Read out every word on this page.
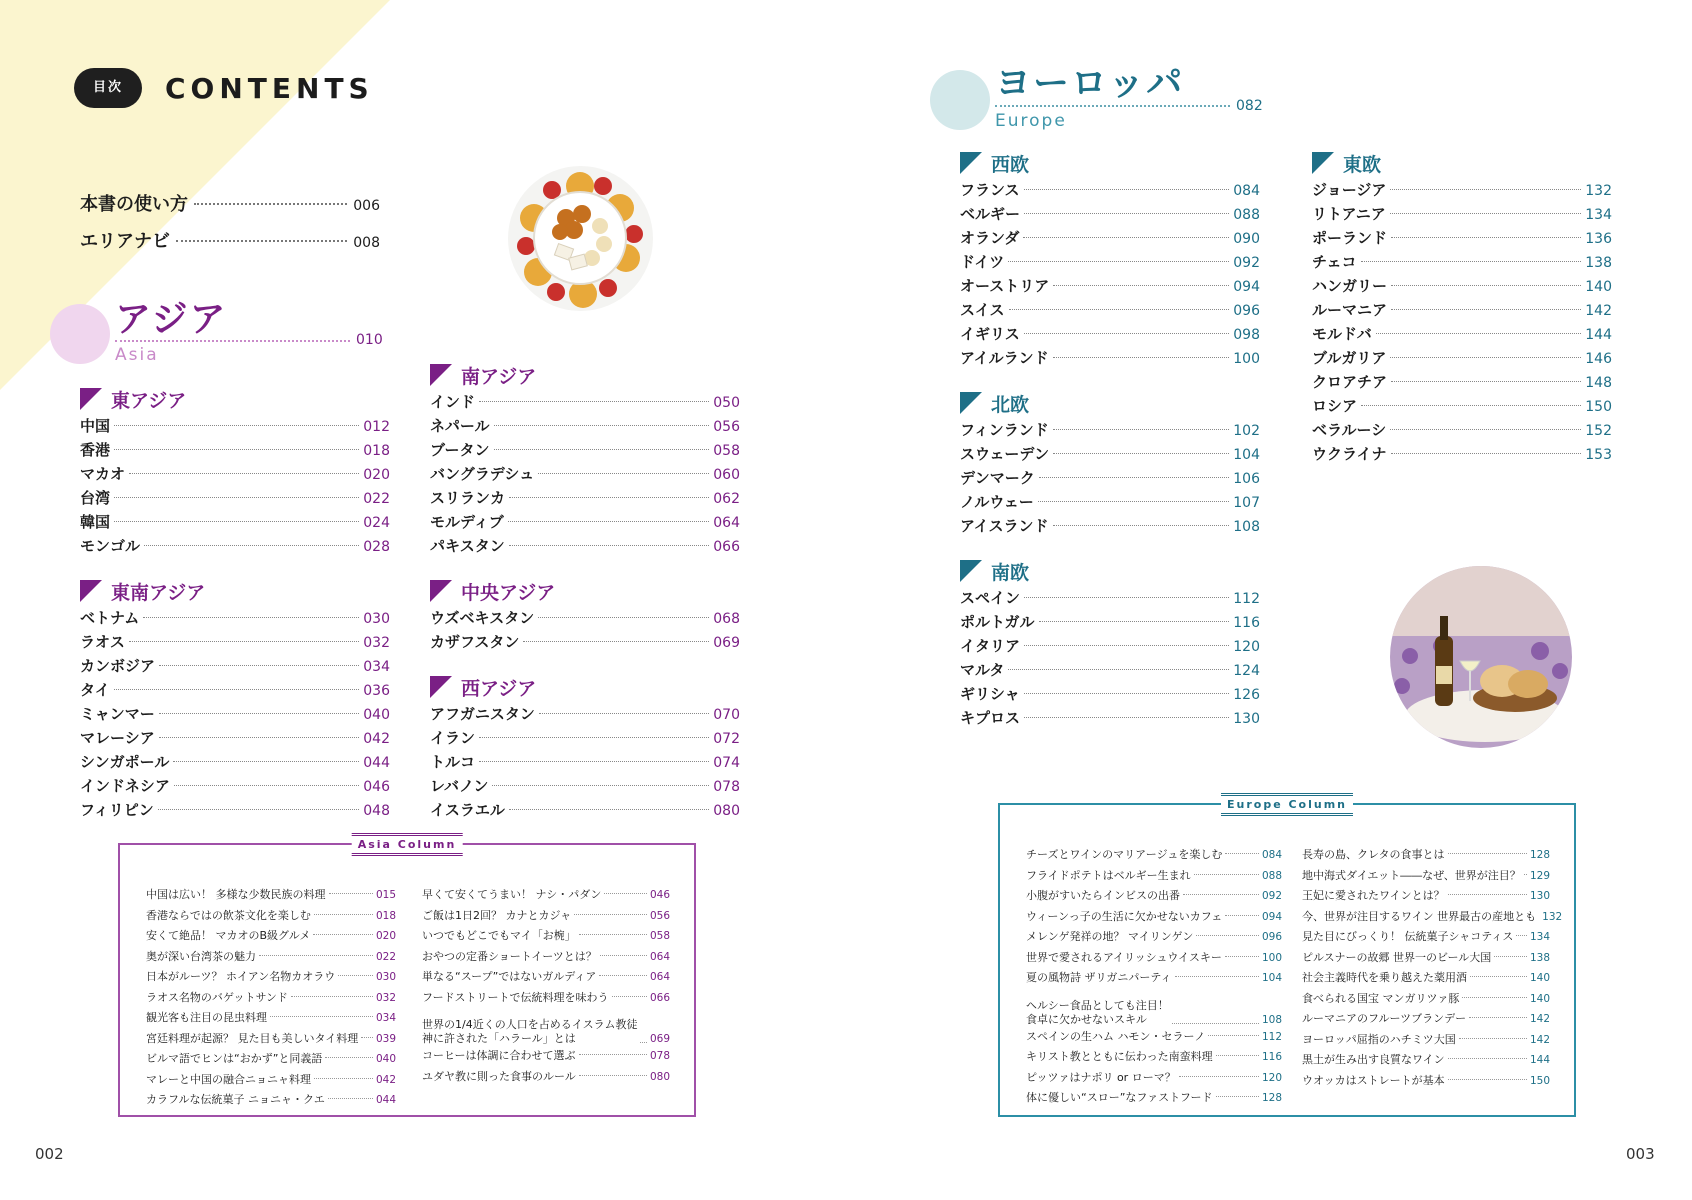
目次	CONTENTS
本書の使い方	006
エリアナビ	008
アジア
Asia
010
東アジア
中国	012
香港	018
マカオ	020
台湾	022
韓国	024
モンゴル	028
東南アジア
ベトナム	030
ラオス	032
カンボジア	034
タイ	036
ミャンマー	040
マレーシア	042
シンガポール	044
インドネシア	046
フィリピン	048
南アジア
インド	050
ネパール	056
ブータン	058
バングラデシュ	060
スリランカ	062
モルディブ	064
パキスタン	066
中央アジア
ウズベキスタン	068
カザフスタン	069
西アジア
アフガニスタン	070
イラン	072
トルコ	074
レバノン	078
イスラエル	080
Asia Column
中国は広い！ 多様な少数民族の料理	015
香港ならではの飲茶文化を楽しむ	018
安くて絶品！ マカオのB級グルメ	020
奥が深い台湾茶の魅力	022
日本がルーツ？ ホイアン名物カオラウ	030
ラオス名物のバゲットサンド	032
観光客も注目の昆虫料理	034
宮廷料理が起源？ 見た目も美しいタイ料理 039
ビルマ語でヒンは“おかず”と同義語	040
マレーと中国の融合ニョニャ料理	042
カラフルな伝統菓子 ニョニャ・クエ	044
早くて安くてうまい！ ナシ・パダン	046
ご飯は1日2回？ カナとカジャ	056
いつでもどこでもマイ「お椀」	058
おやつの定番ショートイーツとは？	064
単なる“スープ”ではないガルディア	064
フードストリートで伝統料理を味わう	066
世界の1/4近くの人口を占めるイスラム教徒
神に許された「ハラール」とは	069
コーヒーは体調に合わせて選ぶ	078
ユダヤ教に則った食事のルール	080
ヨーロッパ
Europe
082
西欧
フランス	084
ベルギー	088
オランダ	090
ドイツ	092
オーストリア	094
スイス	096
イギリス	098
アイルランド	100
北欧
フィンランド	102
スウェーデン	104
デンマーク	106
ノルウェー	107
アイスランド	108
南欧
スペイン	112
ポルトガル	116
イタリア	120
マルタ	124
ギリシャ	126
キプロス	130
東欧
ジョージア	132
リトアニア	134
ポーランド	136
チェコ	138
ハンガリー	140
ルーマニア	142
モルドバ	144
ブルガリア	146
クロアチア	148
ロシア	150
ベラルーシ	152
ウクライナ	153
Europe Column
チーズとワインのマリアージュを楽しむ	084
フライドポテトはベルギー生まれ	088
小腹がすいたらインビスの出番	092
ウィーンっ子の生活に欠かせないカフェ	094
メレンゲ発祥の地？ マイリンゲン	096
世界で愛されるアイリッシュウイスキー	100
夏の風物詩 ザリガニパーティ	104
ヘルシー食品としても注目！
食卓に欠かせないスキル	108
スペインの生ハム ハモン・セラーノ	112
キリスト教とともに伝わった南蛮料理	116
ピッツァはナポリ or ローマ？	120
体に優しい“スロー”なファストフード	128
長寿の島、クレタの食事とは	128
地中海式ダイエット――なぜ、世界が注目？ 129
王妃に愛されたワインとは？	130
今、世界が注目するワイン 世界最古の産地とも 132
見た目にびっくり！ 伝統菓子シャコティス 134
ピルスナーの故郷 世界一のビール大国	138
社会主義時代を乗り越えた薬用酒	140
食べられる国宝 マンガリツァ豚	140
ルーマニアのフルーツブランデー	142
ヨーロッパ屈指のハチミツ大国	142
黒土が生み出す良質なワイン	144
ウオッカはストレートが基本	150
002	003
